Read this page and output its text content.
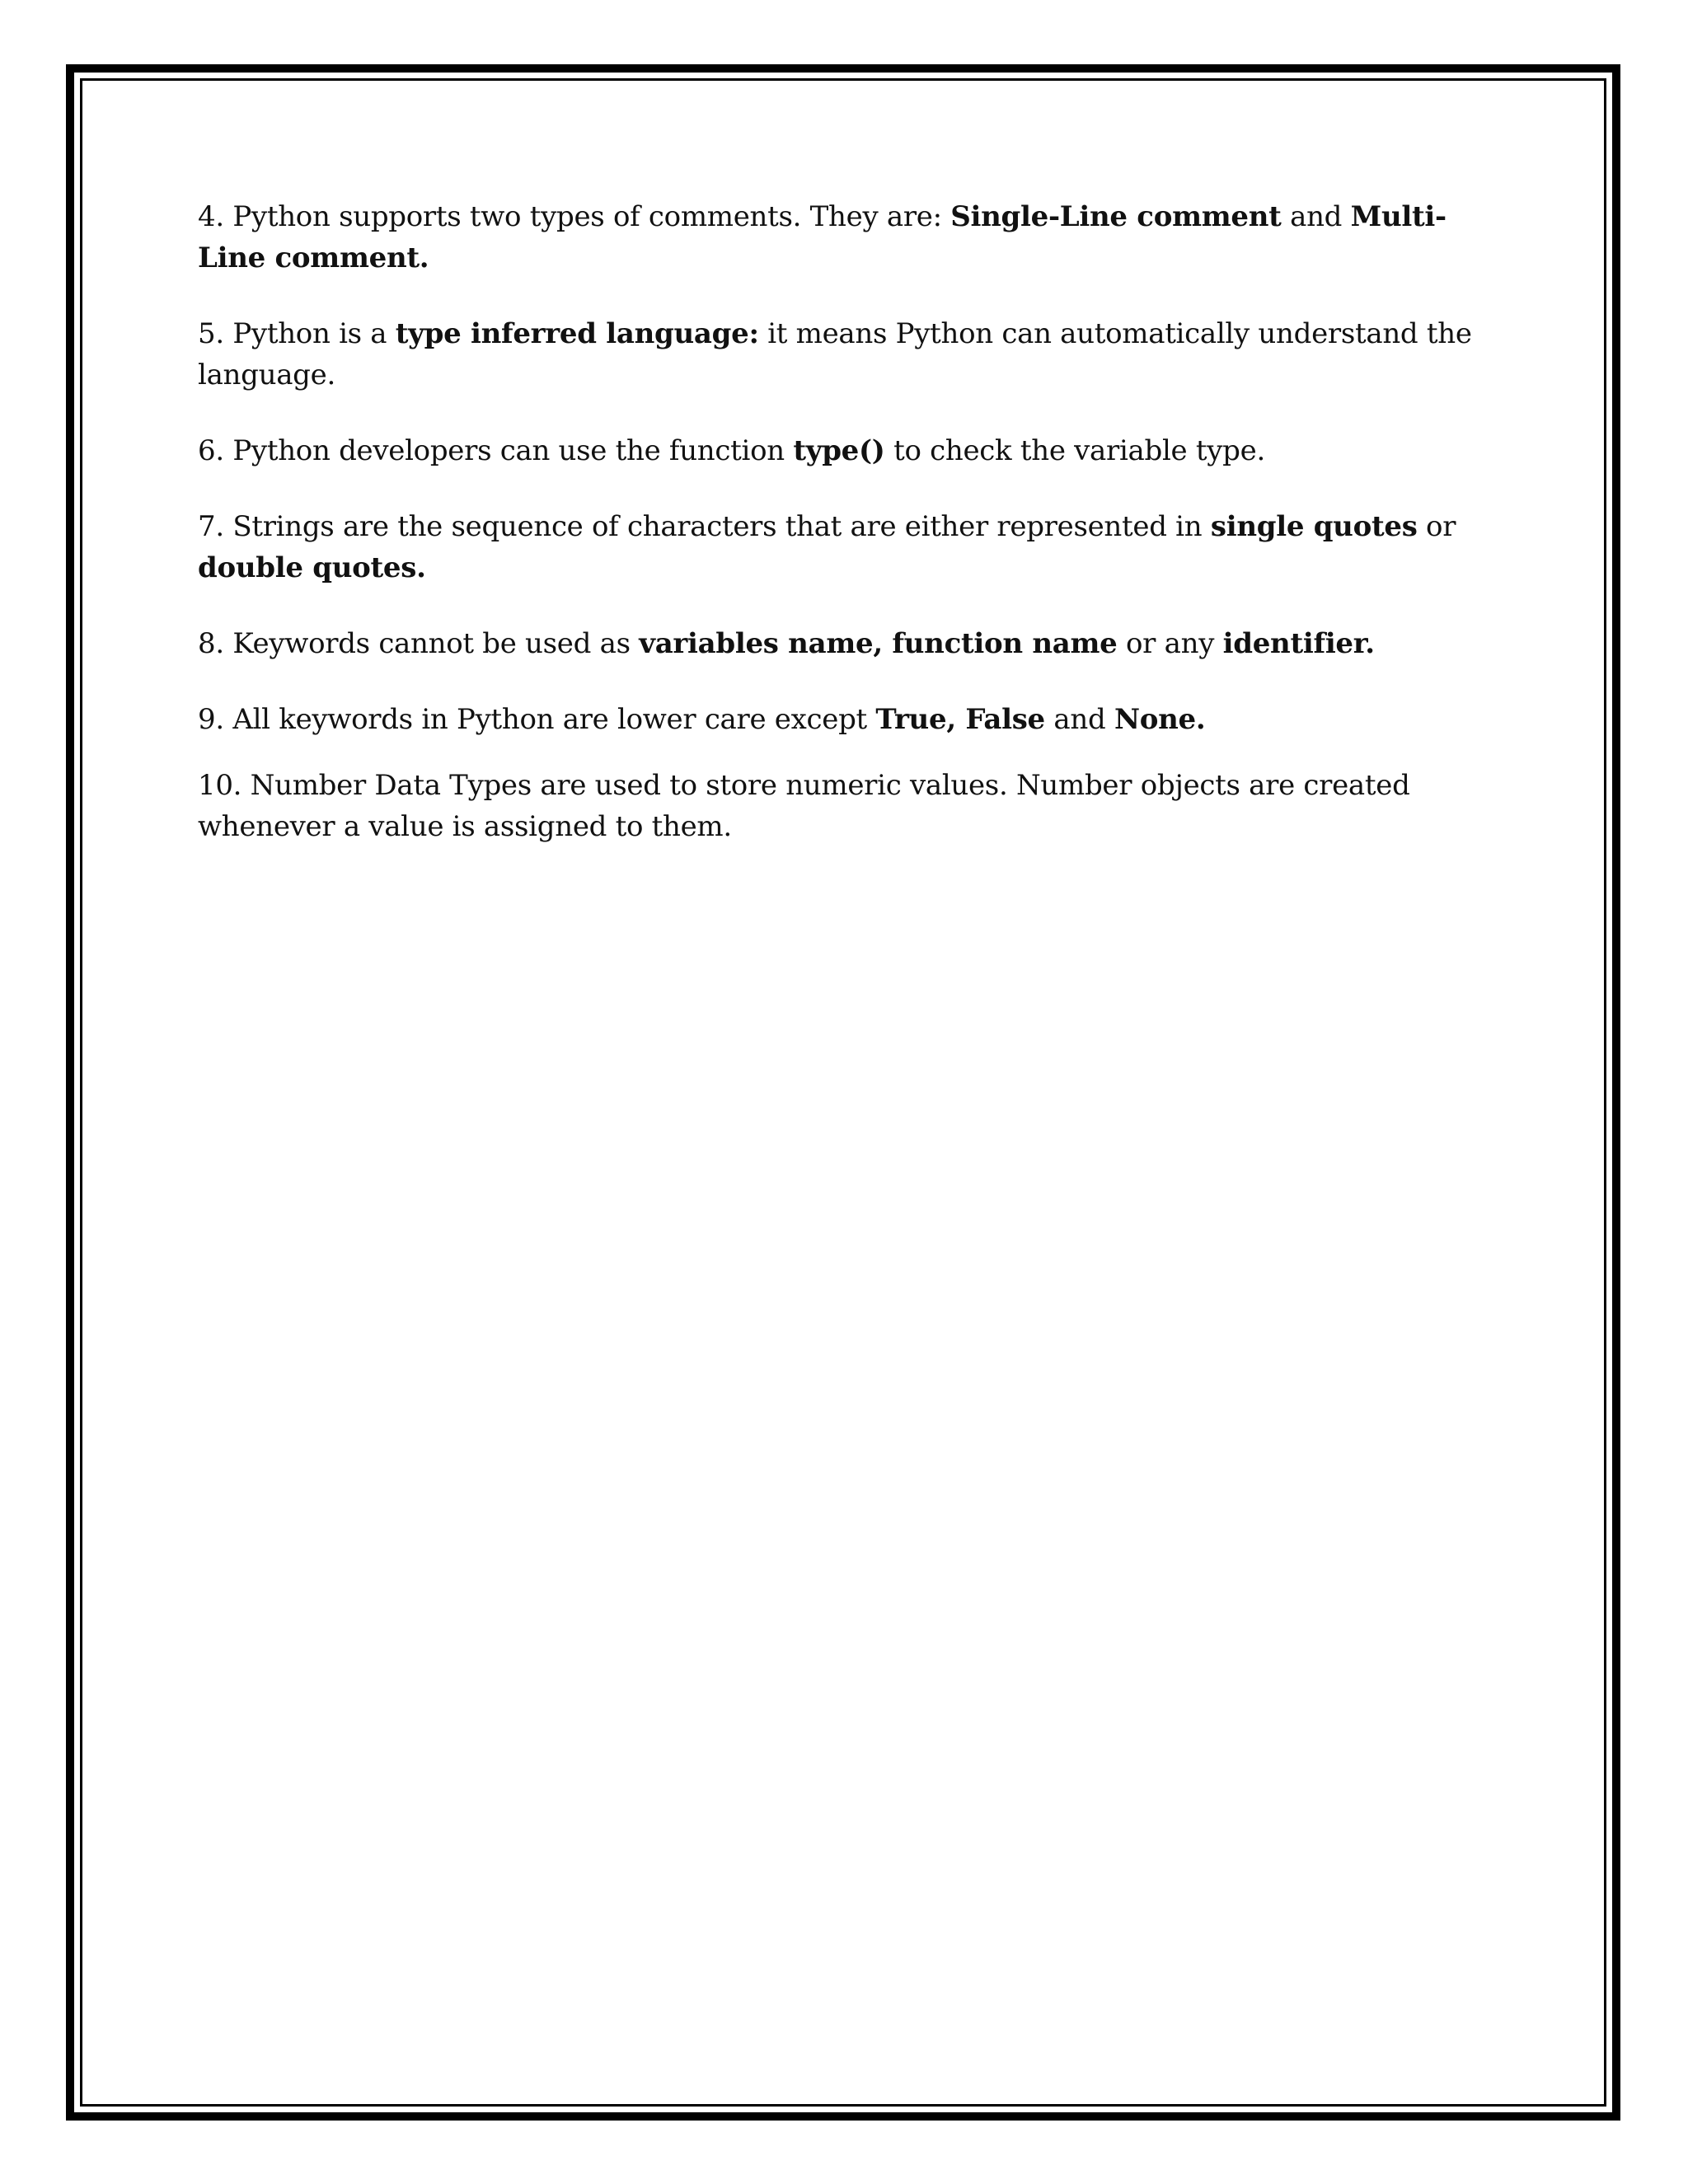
4. Python supports two types of comments. They are: Single-Line comment and Multi-Line comment.

5. Python is a type inferred language: it means Python can automatically understand the language.

6. Python developers can use the function type() to check the variable type.

7. Strings are the sequence of characters that are either represented in single quotes or double quotes.

8. Keywords cannot be used as variables name, function name or any identifier.

9. All keywords in Python are lower care except True, False and None.

10. Number Data Types are used to store numeric values. Number objects are created whenever a value is assigned to them.
